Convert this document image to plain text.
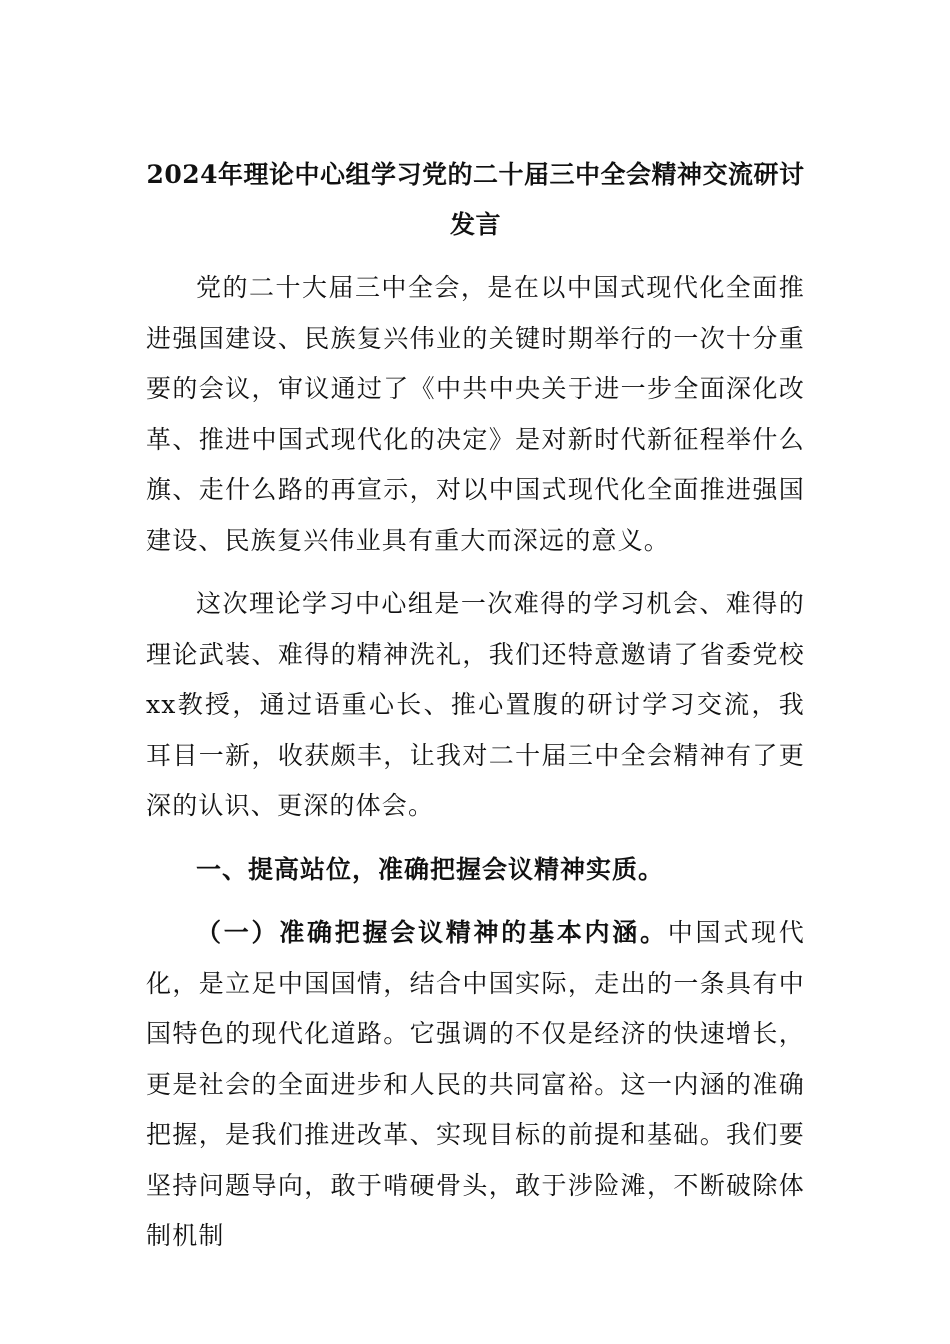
2024年理论中心组学习党的二十届三中全会精神交流研讨发言

党的二十大届三中全会，是在以中国式现代化全面推进强国建设、民族复兴伟业的关键时期举行的一次十分重要的会议，审议通过了《中共中央关于进一步全面深化改革、推进中国式现代化的决定》是对新时代新征程举什么旗、走什么路的再宣示，对以中国式现代化全面推进强国建设、民族复兴伟业具有重大而深远的意义。

这次理论学习中心组是一次难得的学习机会、难得的理论武装、难得的精神洗礼，我们还特意邀请了省委党校xx教授，通过语重心长、推心置腹的研讨学习交流，我耳目一新，收获颇丰，让我对二十届三中全会精神有了更深的认识、更深的体会。

一、提高站位，准确把握会议精神实质。

（一）准确把握会议精神的基本内涵。中国式现代化，是立足中国国情，结合中国实际，走出的一条具有中国特色的现代化道路。它强调的不仅是经济的快速增长，更是社会的全面进步和人民的共同富裕。这一内涵的准确把握，是我们推进改革、实现目标的前提和基础。我们要坚持问题导向，敢于啃硬骨头，敢于涉险滩，不断破除体制机制
